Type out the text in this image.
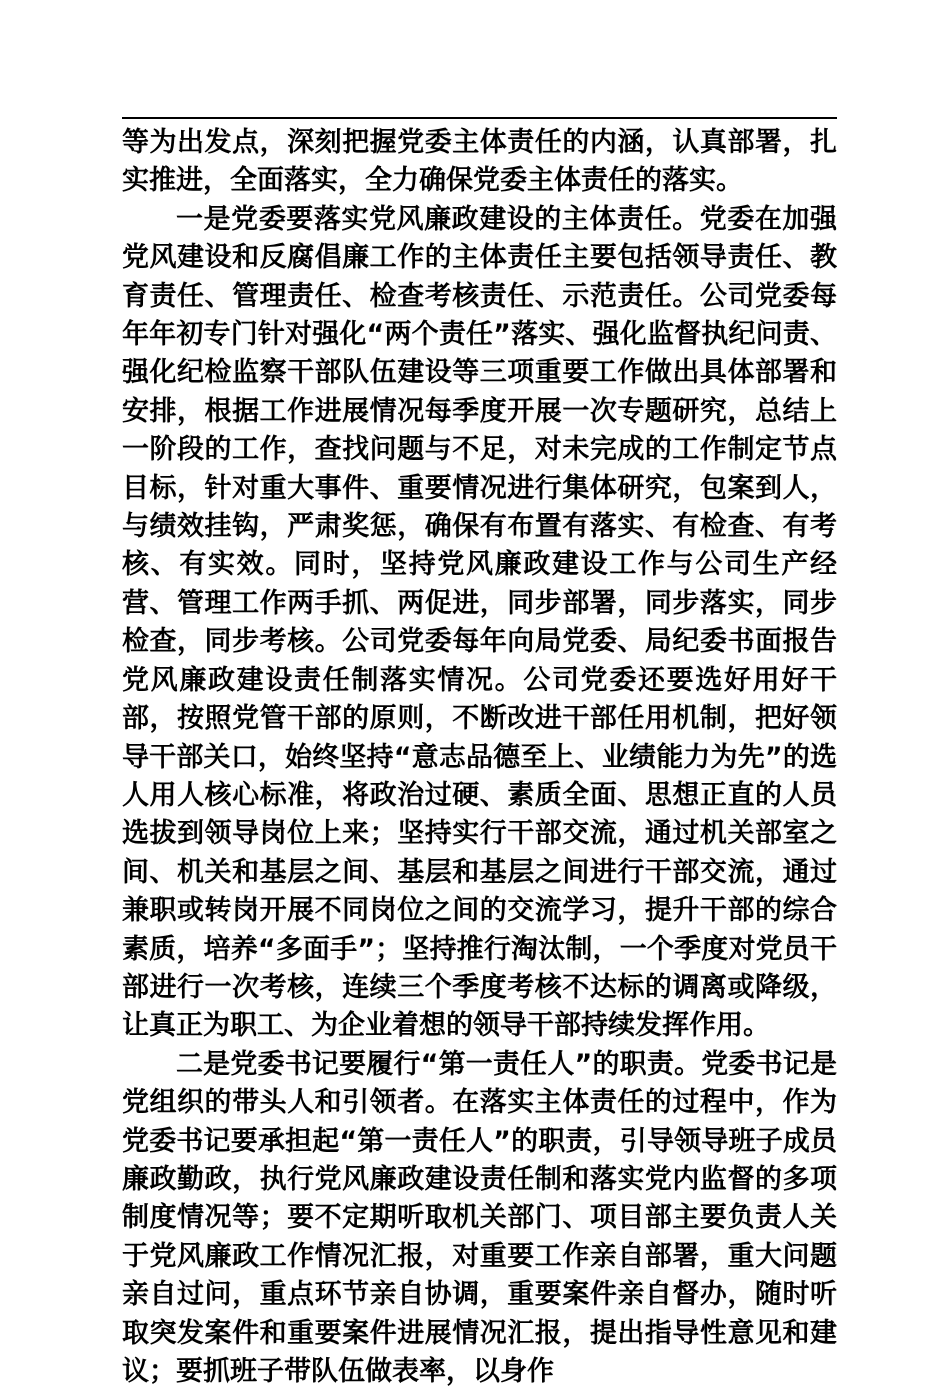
等为出发点，深刻把握党委主体责任的内涵，认真部署，扎实推进，全面落实，全力确保党委主体责任的落实。

一是党委要落实党风廉政建设的主体责任。党委在加强党风建设和反腐倡廉工作的主体责任主要包括领导责任、教育责任、管理责任、检查考核责任、示范责任。公司党委每年年初专门针对强化“两个责任”落实、强化监督执纪问责、强化纪检监察干部队伍建设等三项重要工作做出具体部署和安排，根据工作进展情况每季度开展一次专题研究，总结上一阶段的工作，查找问题与不足，对未完成的工作制定节点目标，针对重大事件、重要情况进行集体研究，包案到人，与绩效挂钩，严肃奖惩，确保有布置有落实、有检查、有考核、有实效。同时，坚持党风廉政建设工作与公司生产经营、管理工作两手抓、两促进，同步部署，同步落实，同步检查，同步考核。公司党委每年向局党委、局纪委书面报告党风廉政建设责任制落实情况。公司党委还要选好用好干部，按照党管干部的原则，不断改进干部任用机制，把好领导干部关口，始终坚持“意志品德至上、业绩能力为先”的选人用人核心标准，将政治过硬、素质全面、思想正直的人员选拔到领导岗位上来；坚持实行干部交流，通过机关部室之间、机关和基层之间、基层和基层之间进行干部交流，通过兼职或转岗开展不同岗位之间的交流学习，提升干部的综合素质，培养“多面手”；坚持推行淘汰制，一个季度对党员干部进行一次考核，连续三个季度考核不达标的调离或降级，让真正为职工、为企业着想的领导干部持续发挥作用。

二是党委书记要履行“第一责任人”的职责。党委书记是党组织的带头人和引领者。在落实主体责任的过程中，作为党委书记要承担起“第一责任人”的职责，引导领导班子成员廉政勤政，执行党风廉政建设责任制和落实党内监督的多项制度情况等；要不定期听取机关部门、项目部主要负责人关于党风廉政工作情况汇报，对重要工作亲自部署，重大问题亲自过问，重点环节亲自协调，重要案件亲自督办，随时听取突发案件和重要案件进展情况汇报，提出指导性意见和建议；要抓班子带队伍做表率，以身作
